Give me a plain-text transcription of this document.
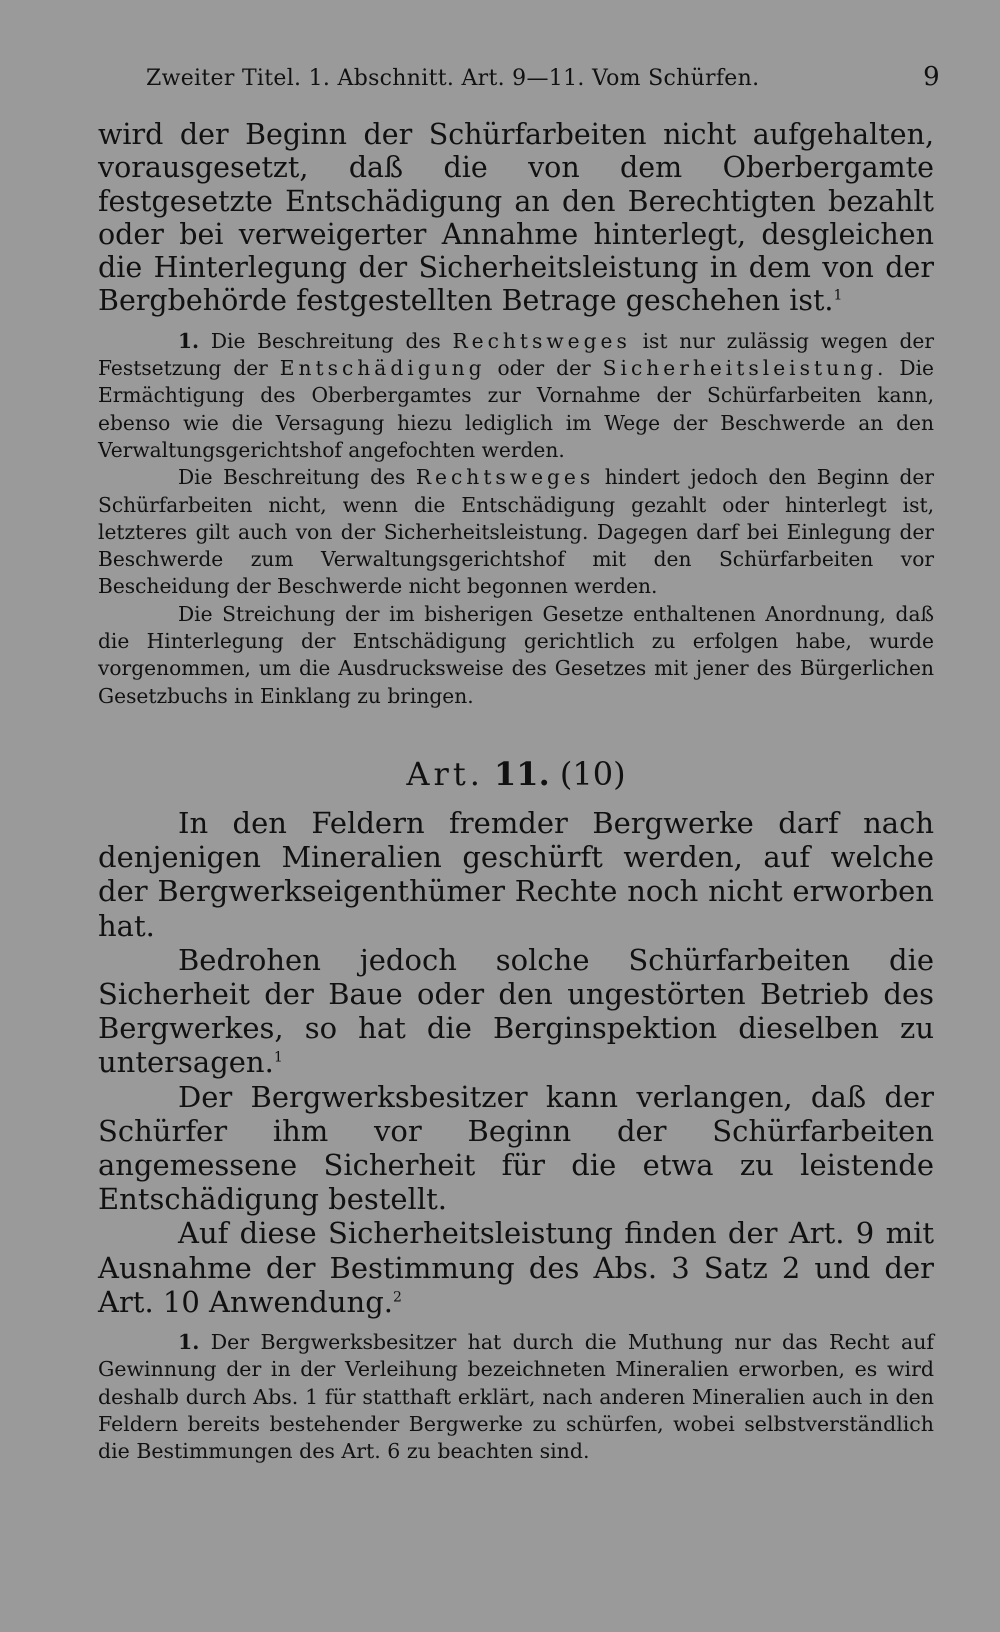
Zweiter Titel. 1. Abschnitt. Art. 9—11. Vom Schürfen.	9

wird der Beginn der Schürfarbeiten nicht aufgehalten, vorausgesetzt, daß die von dem Oberbergamte festgesetzte Entschädigung an den Berechtigten bezahlt oder bei verweigerter Annahme hinterlegt, desgleichen die Hinterlegung der Sicherheitsleistung in dem von der Bergbehörde festgestellten Betrage geschehen ist.$^1$

1. Die Beschreitung des Rechtsweges ist nur zulässig wegen der Festsetzung der Entschädigung oder der Sicherheitsleistung. Die Ermächtigung des Oberbergamtes zur Vornahme der Schürfarbeiten kann, ebenso wie die Versagung hiezu lediglich im Wege der Beschwerde an den Verwaltungsgerichtshof angefochten werden.

Die Beschreitung des Rechtsweges hindert jedoch den Beginn der Schürfarbeiten nicht, wenn die Entschädigung gezahlt oder hinterlegt ist, letzteres gilt auch von der Sicherheitsleistung. Dagegen darf bei Einlegung der Beschwerde zum Verwaltungsgerichtshof mit den Schürfarbeiten vor Bescheidung der Beschwerde nicht begonnen werden.

Die Streichung der im bisherigen Gesetze enthaltenen Anordnung, daß die Hinterlegung der Entschädigung gerichtlich zu erfolgen habe, wurde vorgenommen, um die Ausdrucksweise des Gesetzes mit jener des Bürgerlichen Gesetzbuchs in Einklang zu bringen.

Art. 11. (10)

In den Feldern fremder Bergwerke darf nach denjenigen Mineralien geschürft werden, auf welche der Bergwerkseigenthümer Rechte noch nicht erworben hat.

Bedrohen jedoch solche Schürfarbeiten die Sicherheit der Baue oder den ungestörten Betrieb des Bergwerkes, so hat die Berginspektion dieselben zu untersagen.$^1$

Der Bergwerksbesitzer kann verlangen, daß der Schürfer ihm vor Beginn der Schürfarbeiten angemessene Sicherheit für die etwa zu leistende Entschädigung bestellt.

Auf diese Sicherheitsleistung finden der Art. 9 mit Ausnahme der Bestimmung des Abs. 3 Satz 2 und der Art. 10 Anwendung.$^2$

1. Der Bergwerksbesitzer hat durch die Muthung nur das Recht auf Gewinnung der in der Verleihung bezeichneten Mineralien erworben, es wird deshalb durch Abs. 1 für statthaft erklärt, nach anderen Mineralien auch in den Feldern bereits bestehender Bergwerke zu schürfen, wobei selbstverständlich die Bestimmungen des Art. 6 zu beachten sind.
